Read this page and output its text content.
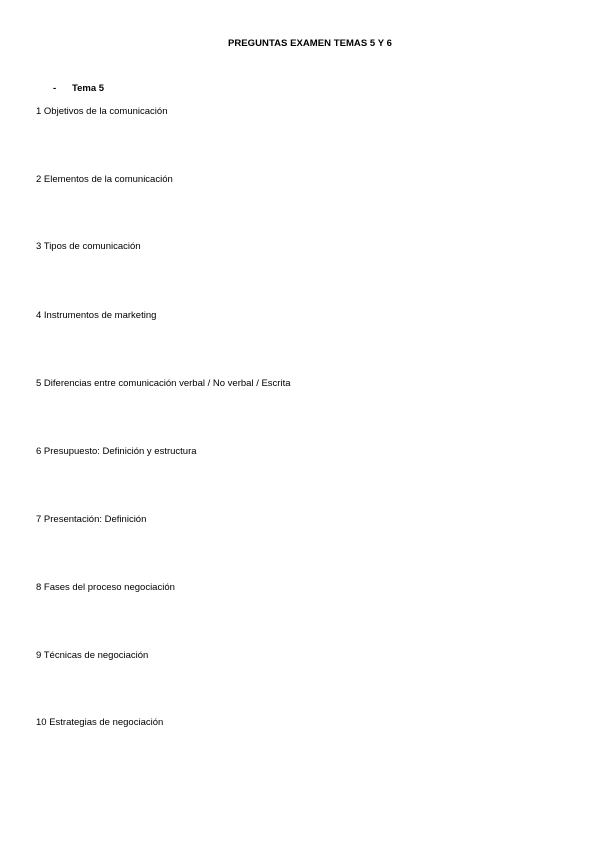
PREGUNTAS EXAMEN TEMAS 5 Y 6
- Tema 5
1 Objetivos de la comunicación
2 Elementos de la comunicación
3 Tipos de comunicación
4 Instrumentos de marketing
5 Diferencias entre comunicación verbal / No verbal / Escrita
6 Presupuesto: Definición y estructura
7 Presentación: Definición
8 Fases del proceso negociación
9 Técnicas de negociación
10 Estrategias de negociación
